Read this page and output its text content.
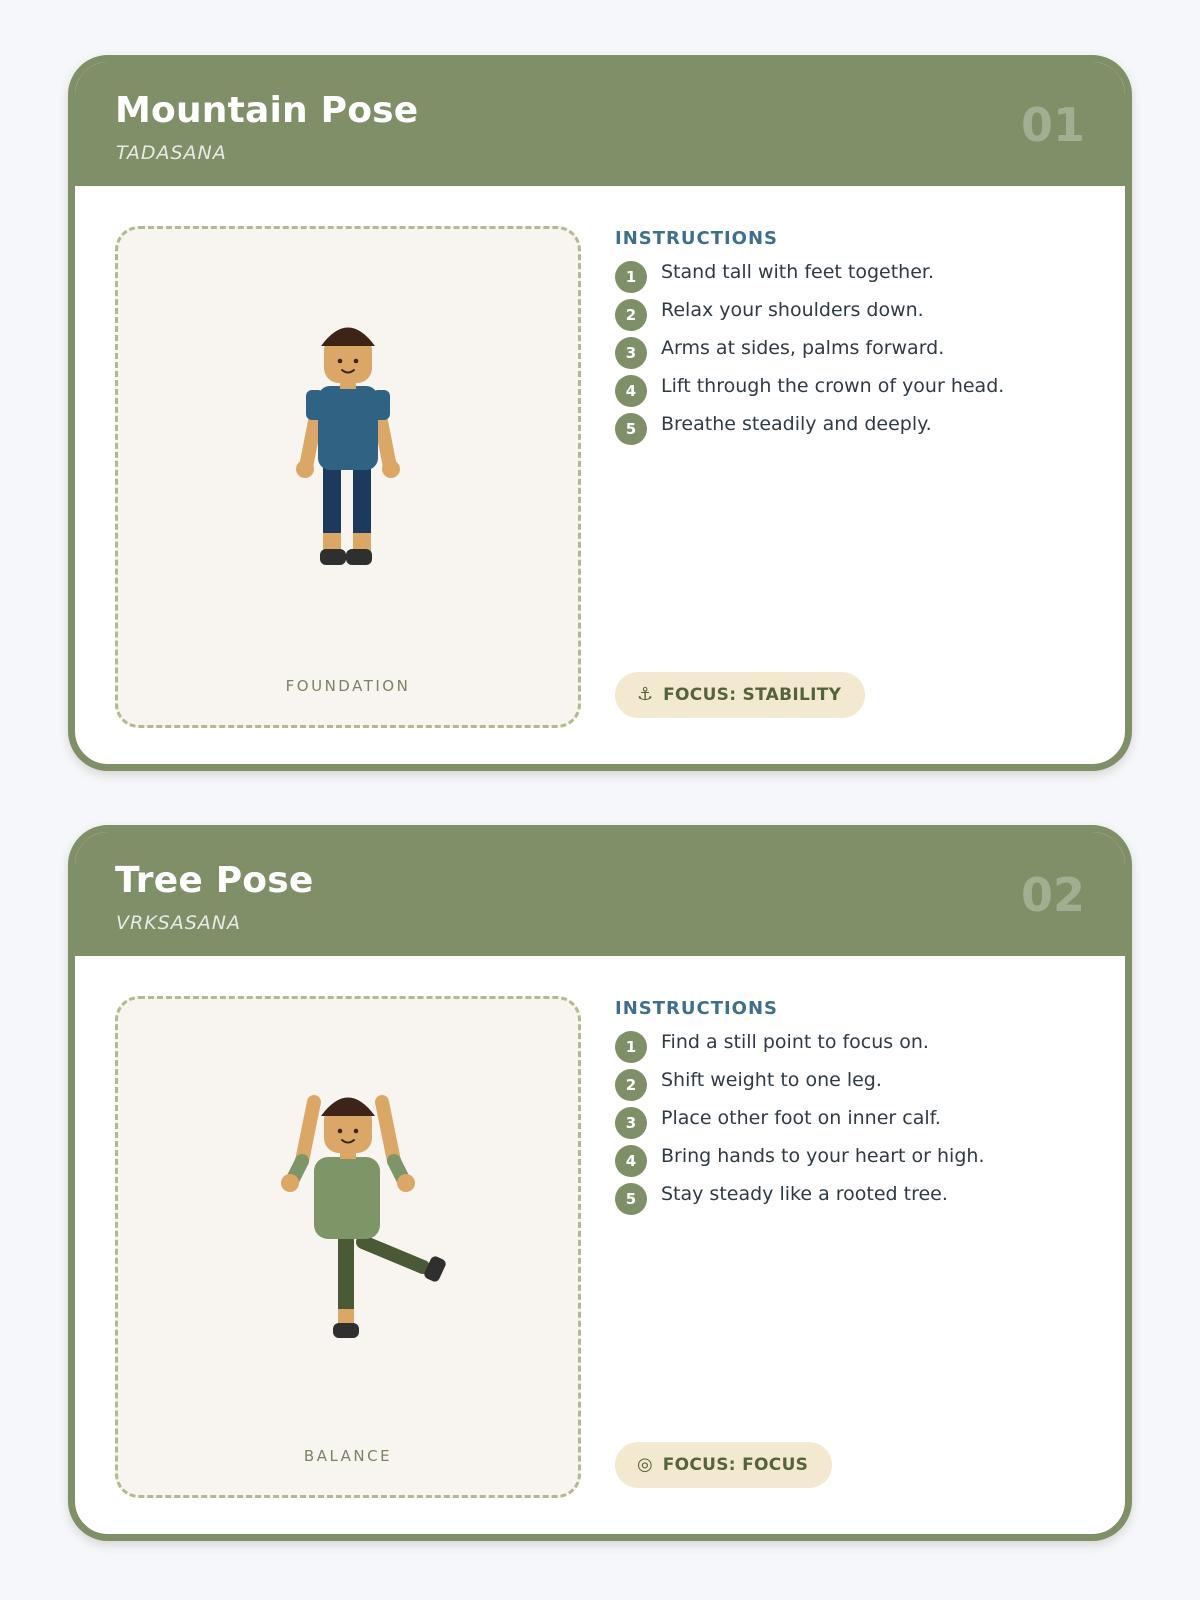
Mountain Pose
TADASANA
01
FOUNDATION
INSTRUCTIONS
1	Stand tall with feet together.
2	Relax your shoulders down.
3	Arms at sides, palms forward.
4	Lift through the crown of your head.
5	Breathe steadily and deeply.
⚓ FOCUS: STABILITY
Tree Pose
VRKSASANA
02
BALANCE
INSTRUCTIONS
1	Find a still point to focus on.
2	Shift weight to one leg.
3	Place other foot on inner calf.
4	Bring hands to your heart or high.
5	Stay steady like a rooted tree.
◎ FOCUS: FOCUS
